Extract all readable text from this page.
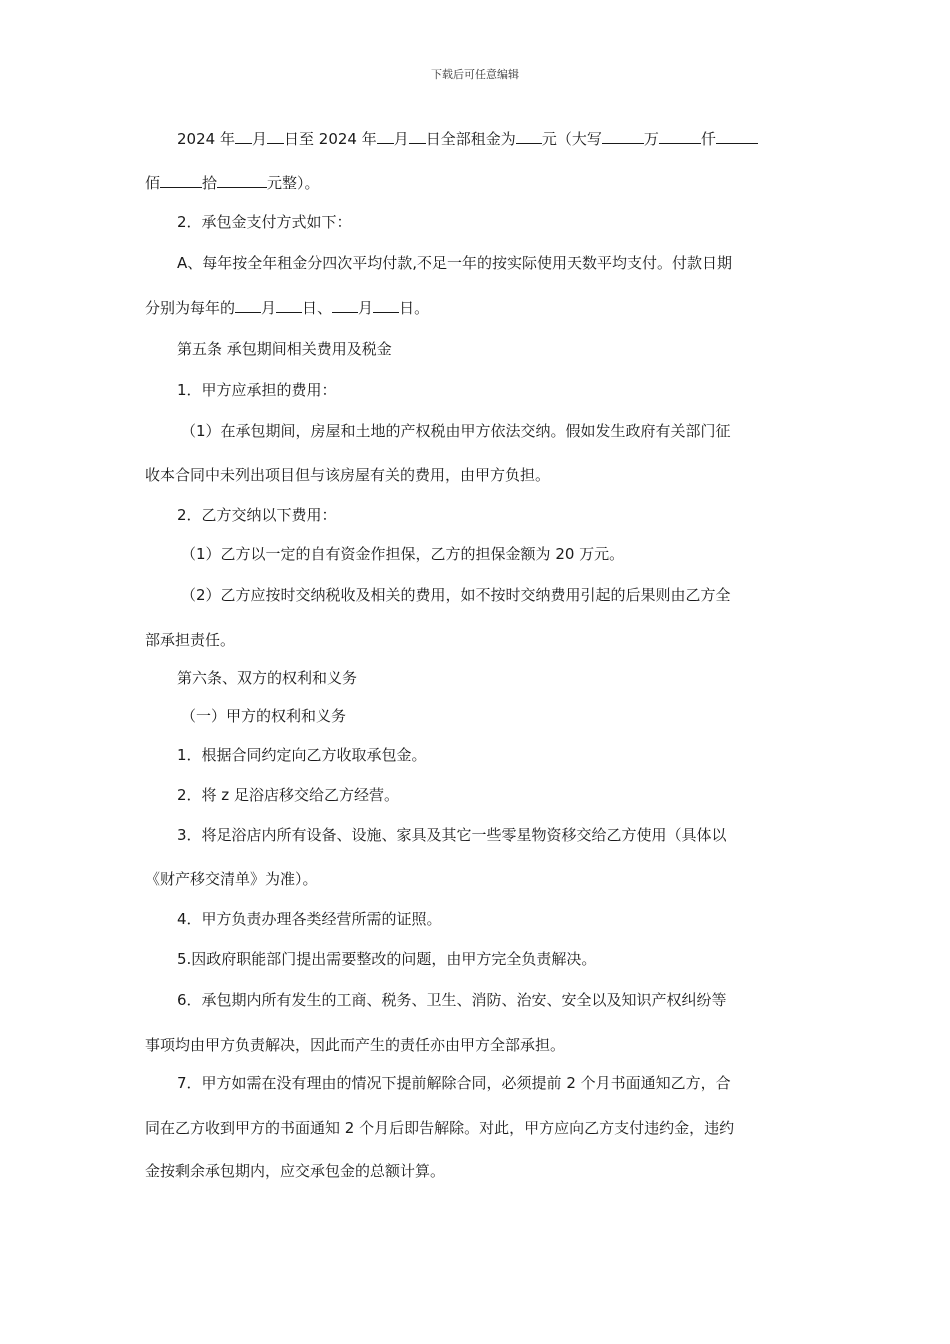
下载后可任意编辑
2024 年 月 日至 2024 年 月 日全部租金为 元（大写	万	仟
佰	拾	元整）。
2．承包金支付方式如下：
A、每年按全年租金分四次平均付款,不足一年的按实际使用天数平均支付。付款日期
分别为每年的 月 日、 月 日。
第五条 承包期间相关费用及税金
1．甲方应承担的费用：
（1）在承包期间，房屋和土地的产权税由甲方依法交纳。假如发生政府有关部门征
收本合同中未列出项目但与该房屋有关的费用，由甲方负担。
2．乙方交纳以下费用：
（1）乙方以一定的自有资金作担保，乙方的担保金额为 20 万元。
（2）乙方应按时交纳税收及相关的费用，如不按时交纳费用引起的后果则由乙方全
部承担责任。
第六条、双方的权利和义务
（一）甲方的权利和义务
1．根据合同约定向乙方收取承包金。
2．将 z 足浴店移交给乙方经营。
3．将足浴店内所有设备、设施、家具及其它一些零星物资移交给乙方使用（具体以
《财产移交清单》为准）。
4．甲方负责办理各类经营所需的证照。
5.因政府职能部门提出需要整改的问题，由甲方完全负责解决。
6．承包期内所有发生的工商、税务、卫生、消防、治安、安全以及知识产权纠纷等
事项均由甲方负责解决，因此而产生的责任亦由甲方全部承担。
7．甲方如需在没有理由的情况下提前解除合同，必须提前 2 个月书面通知乙方，合
同在乙方收到甲方的书面通知 2 个月后即告解除。对此，甲方应向乙方支付违约金，违约
金按剩余承包期内，应交承包金的总额计算。
